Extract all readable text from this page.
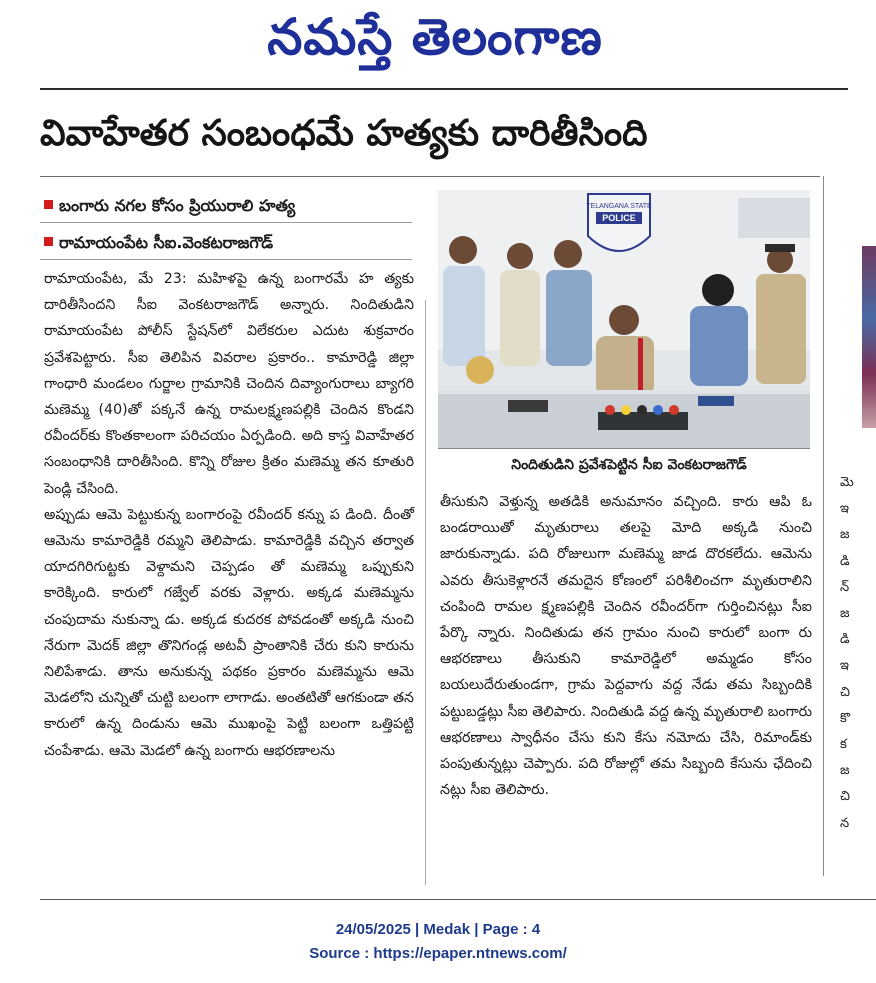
నమస్తే తెలంగాణ
వివాహేతర సంబంధమే హత్యకు దారితీసింది
బంగారు నగల కోసం ప్రియురాలి హత్య
రామాయంపేట సీఐ.వెంకటరాజగౌడ్

రామాయంపేట, మే 23: మహిళపై ఉన్న బంగారమే హ త్యకు దారితీసిందని సీఐ వెంకటరాజగౌడ్ అన్నారు. నిందితుడిని రామాయంపేట పోలీస్ స్టేషన్‌లో విలేకరుల ఎదుట శుక్రవారం ప్రవేశపెట్టారు. సీఐ తెలిపిన వివరాల ప్రకారం.. కామారెడ్డి జిల్లా గాంధారి మండలం గుర్జాల గ్రామానికి చెందిన దివ్యాంగురాలు బ్యాగరి మణెమ్మ (40)తో పక్కనే ఉన్న రామలక్ష్మణపల్లికి చెందిన కొండని రవీందర్‌కు కొంతకాలంగా పరిచయం ఏర్పడింది. అది కాస్త వివాహేతర సంబంధానికి దారితీసింది. కొన్ని రోజుల క్రితం మణెమ్మ తన కూతురి పెండ్లి చేసింది.

అప్పుడు ఆమె పెట్టుకున్న బంగారంపై రవీందర్ కన్ను ప డింది. దీంతో ఆమెను కామారెడ్డికి రమ్మని తెలిపాడు. కామారెడ్డికి వచ్చిన తర్వాత యాదగిరిగుట్టకు వెళ్దామని చెప్పడం తో మణెమ్మ ఒప్పుకుని కారెక్కింది. కారులో గజ్వేల్ వరకు వెళ్లారు. అక్కడ మణెమ్మను చంపుదామ నుకున్నా డు. అక్కడ కుదరక పోవడంతో అక్కడి నుంచి నేరుగా మెదక్ జిల్లా తొనిగండ్ల అటవీ ప్రాంతానికి చేరు కుని కారును నిలిపేశాడు. తాను అనుకున్న పథకం ప్రకారం మణెమ్మను ఆమె మెడలోని చున్నితో చుట్టి బలంగా లాగాడు. అంతటితో ఆగకుండా తన కారులో ఉన్న దిండును ఆమె ముఖంపై పెట్టి బలంగా ఒత్తిపట్టి చంపేశాడు. ఆమె మెడలో ఉన్న బంగారు ఆభరణాలను

TELANGANA STATE
POLICE
నిందితుడిని ప్రవేశపెట్టిన సీఐ వెంకటరాజగౌడ్

తీసుకుని వెళ్తున్న అతడికి అనుమానం వచ్చింది. కారు ఆపి ఓ బండరాయితో మృతురాలు తలపై మోది అక్కడి నుంచి జారుకున్నాడు. పది రోజులుగా మణెమ్మ జాడ దొరకలేదు. ఆమెను ఎవరు తీసుకెళ్లారనే తమదైన కోణంలో పరిశీలించగా మృతురాలిని చంపింది రామల క్ష్మణపల్లికి చెందిన రవీందర్‌గా గుర్తించినట్లు సీఐ పేర్కొ న్నారు. నిందితుడు తన గ్రామం నుంచి కారులో బంగా రు ఆభరణాలు తీసుకుని కామారెడ్డిలో అమ్మడం కోసం బయలుదేరుతుండగా, గ్రామ పెద్దవాగు వద్ద నేడు తమ సిబ్బందికి పట్టుబడ్డట్లు సీఐ తెలిపారు. నిందితుడి వద్ద ఉన్న మృతురాలి బంగారు ఆభరణాలు స్వాధీనం చేసు కుని కేసు నమోదు చేసి, రిమాండ్‌కు పంపుతున్నట్లు చెప్పారు. పది రోజుల్లో తమ సిబ్బంది కేసును ఛేదించి నట్లు సీఐ తెలిపారు.

మె
ఇ
జ
డి
న్
జ
డి
ఇ
చి
కొ
క
జ
చి
న
24/05/2025 | Medak | Page : 4
Source : https://epaper.ntnews.com/
